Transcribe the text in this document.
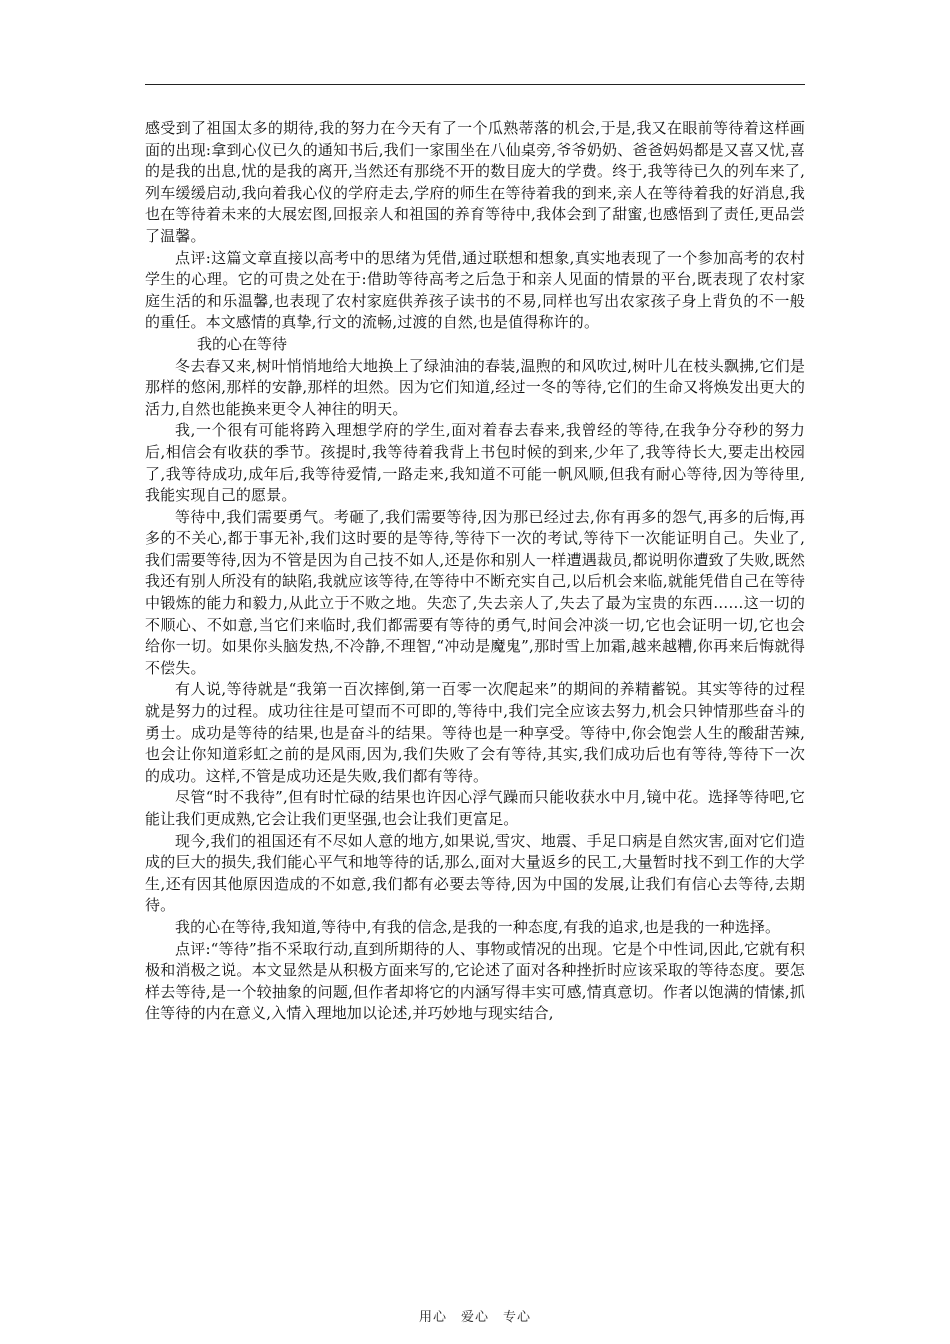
感受到了祖国太多的期待,我的努力在今天有了一个瓜熟蒂落的机会,于是,我又在眼前等待着这样画面的出现:拿到心仪已久的通知书后,我们一家围坐在八仙桌旁,爷爷奶奶、爸爸妈妈都是又喜又忧,喜的是我的出息,忧的是我的离开,当然还有那绕不开的数目庞大的学费。终于,我等待已久的列车来了,列车缓缓启动,我向着我心仪的学府走去,学府的师生在等待着我的到来,亲人在等待着我的好消息,我也在等待着未来的大展宏图,回报亲人和祖国的养育等待中,我体会到了甜蜜,也感悟到了责任,更品尝了温馨。

点评:这篇文章直接以高考中的思绪为凭借,通过联想和想象,真实地表现了一个参加高考的农村学生的心理。它的可贵之处在于:借助等待高考之后急于和亲人见面的情景的平台,既表现了农村家庭生活的和乐温馨,也表现了农村家庭供养孩子读书的不易,同样也写出农家孩子身上背负的不一般的重任。本文感情的真挚,行文的流畅,过渡的自然,也是值得称许的。

我的心在等待

冬去春又来,树叶悄悄地给大地换上了绿油油的春装,温煦的和风吹过,树叶儿在枝头飘拂,它们是那样的悠闲,那样的安静,那样的坦然。因为它们知道,经过一冬的等待,它们的生命又将焕发出更大的活力,自然也能换来更令人神往的明天。

我,一个很有可能将跨入理想学府的学生,面对着春去春来,我曾经的等待,在我争分夺秒的努力后,相信会有收获的季节。孩提时,我等待着我背上书包时候的到来,少年了,我等待长大,要走出校园了,我等待成功,成年后,我等待爱情,一路走来,我知道不可能一帆风顺,但我有耐心等待,因为等待里,我能实现自己的愿景。

等待中,我们需要勇气。考砸了,我们需要等待,因为那已经过去,你有再多的怨气,再多的后悔,再多的不关心,都于事无补,我们这时要的是等待,等待下一次的考试,等待下一次能证明自己。失业了,我们需要等待,因为不管是因为自己技不如人,还是你和别人一样遭遇裁员,都说明你遭致了失败,既然我还有别人所没有的缺陷,我就应该等待,在等待中不断充实自己,以后机会来临,就能凭借自己在等待中锻炼的能力和毅力,从此立于不败之地。失恋了,失去亲人了,失去了最为宝贵的东西……这一切的不顺心、不如意,当它们来临时,我们都需要有等待的勇气,时间会冲淡一切,它也会证明一切,它也会给你一切。如果你头脑发热,不冷静,不理智,“冲动是魔鬼”,那时雪上加霜,越来越糟,你再来后悔就得不偿失。

有人说,等待就是“我第一百次摔倒,第一百零一次爬起来”的期间的养精蓄锐。其实等待的过程就是努力的过程。成功往往是可望而不可即的,等待中,我们完全应该去努力,机会只钟情那些奋斗的勇士。成功是等待的结果,也是奋斗的结果。等待也是一种享受。等待中,你会饱尝人生的酸甜苦辣,也会让你知道彩虹之前的是风雨,因为,我们失败了会有等待,其实,我们成功后也有等待,等待下一次的成功。这样,不管是成功还是失败,我们都有等待。

尽管“时不我待”,但有时忙碌的结果也许因心浮气躁而只能收获水中月,镜中花。选择等待吧,它能让我们更成熟,它会让我们更坚强,也会让我们更富足。

现今,我们的祖国还有不尽如人意的地方,如果说,雪灾、地震、手足口病是自然灾害,面对它们造成的巨大的损失,我们能心平气和地等待的话,那么,面对大量返乡的民工,大量暂时找不到工作的大学生,还有因其他原因造成的不如意,我们都有必要去等待,因为中国的发展,让我们有信心去等待,去期待。

我的心在等待,我知道,等待中,有我的信念,是我的一种态度,有我的追求,也是我的一种选择。

点评:“等待”指不采取行动,直到所期待的人、事物或情况的出现。它是个中性词,因此,它就有积极和消极之说。本文显然是从积极方面来写的,它论述了面对各种挫折时应该采取的等待态度。要怎样去等待,是一个较抽象的问题,但作者却将它的内涵写得丰实可感,情真意切。作者以饱满的情愫,抓住等待的内在意义,入情入理地加以论述,并巧妙地与现实结合,

用心　爱心　专心
